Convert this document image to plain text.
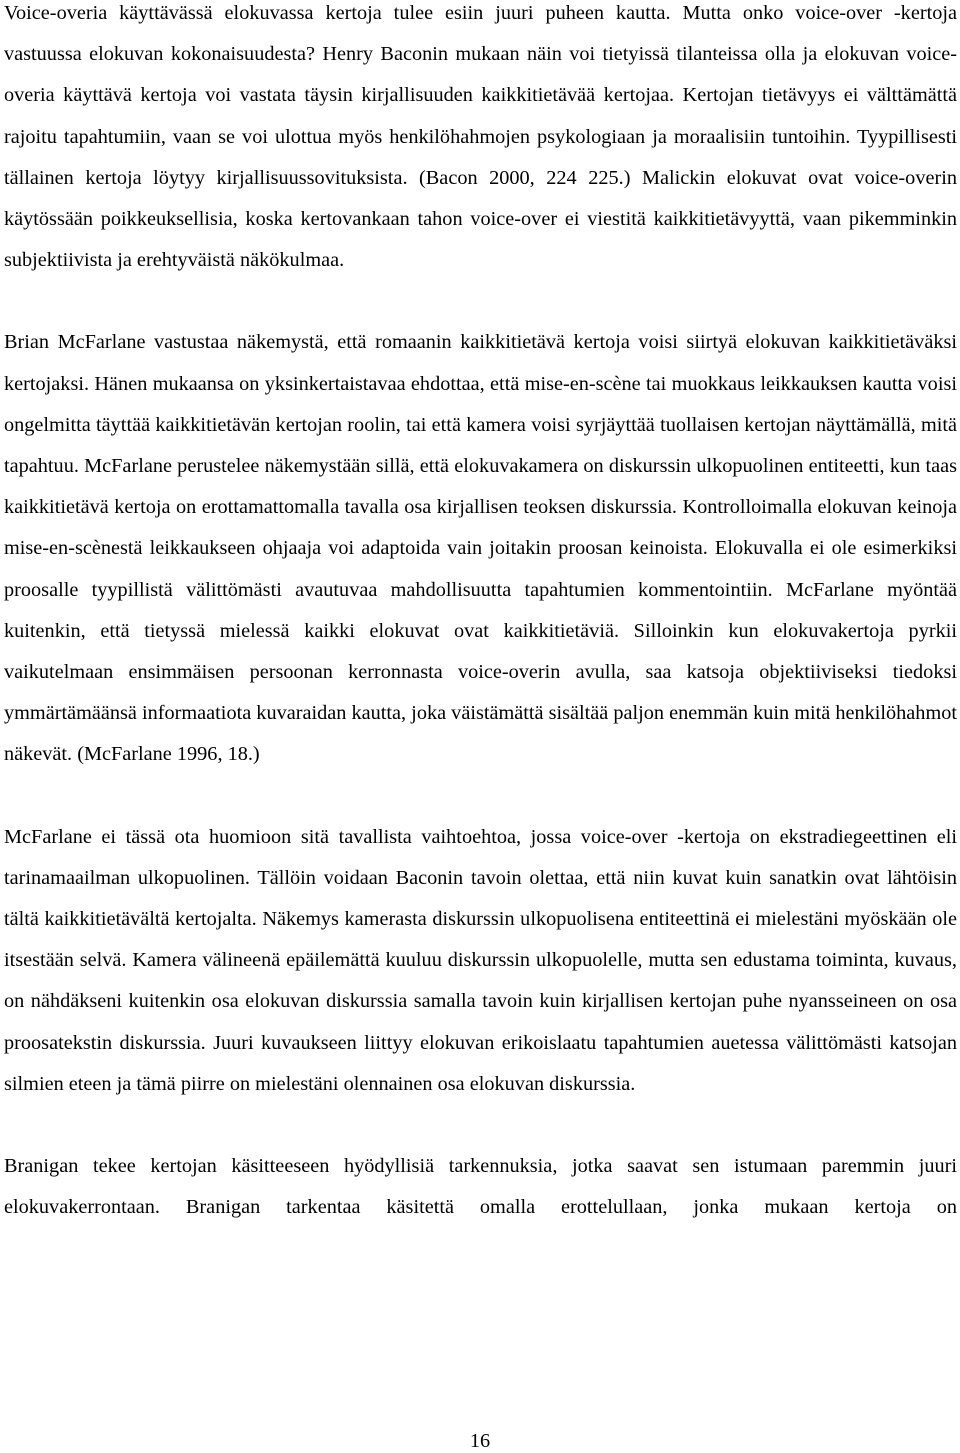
Voice-overia käyttävässä elokuvassa kertoja tulee esiin juuri puheen kautta. Mutta onko voice-over -kertoja vastuussa elokuvan kokonaisuudesta? Henry Baconin mukaan näin voi tietyissä tilanteissa olla ja elokuvan voice-overia käyttävä kertoja voi vastata täysin kirjallisuuden kaikkitietävää kertojaa. Kertojan tietävyys ei välttämättä rajoitu tapahtumiin, vaan se voi ulottua myös henkilöhahmojen psykologiaan ja moraalisiin tuntoihin. Tyypillisesti tällainen kertoja löytyy kirjallisuussovituksista. (Bacon 2000, 224 225.) Malickin elokuvat ovat voice-overin käytössään poikkeuksellisia, koska kertovankaan tahon voice-over ei viestitä kaikkitietävyyttä, vaan pikemminkin subjektiivista ja erehtyväistä näkökulmaa.

Brian McFarlane vastustaa näkemystä, että romaanin kaikkitietävä kertoja voisi siirtyä elokuvan kaikkitietäväksi kertojaksi. Hänen mukaansa on yksinkertaistavaa ehdottaa, että mise-en-scène tai muokkaus leikkauksen kautta voisi ongelmitta täyttää kaikkitietävän kertojan roolin, tai että kamera voisi syrjäyttää tuollaisen kertojan näyttämällä, mitä tapahtuu. McFarlane perustelee näkemystään sillä, että elokuvakamera on diskurssin ulkopuolinen entiteetti, kun taas kaikkitietävä kertoja on erottamattomalla tavalla osa kirjallisen teoksen diskurssia. Kontrolloimalla elokuvan keinoja mise-en-scènestä leikkaukseen ohjaaja voi adaptoida vain joitakin proosan keinoista. Elokuvalla ei ole esimerkiksi proosalle tyypillistä välittömästi avautuvaa mahdollisuutta tapahtumien kommentointiin. McFarlane myöntää kuitenkin, että tietyssä mielessä kaikki elokuvat ovat kaikkitietäviä. Silloinkin kun elokuvakertoja pyrkii vaikutelmaan ensimmäisen persoonan kerronnasta voice-overin avulla, saa katsoja objektiiviseksi tiedoksi ymmärtämäänsä informaatiota kuvaraidan kautta, joka väistämättä sisältää paljon enemmän kuin mitä henkilöhahmot näkevät. (McFarlane 1996, 18.)

McFarlane ei tässä ota huomioon sitä tavallista vaihtoehtoa, jossa voice-over -kertoja on ekstradiegeettinen eli tarinamaailman ulkopuolinen. Tällöin voidaan Baconin tavoin olettaa, että niin kuvat kuin sanatkin ovat lähtöisin tältä kaikkitietävältä kertojalta. Näkemys kamerasta diskurssin ulkopuolisena entiteettinä ei mielestäni myöskään ole itsestään selvä. Kamera välineenä epäilemättä kuuluu diskurssin ulkopuolelle, mutta sen edustama toiminta, kuvaus, on nähdäkseni kuitenkin osa elokuvan diskurssia samalla tavoin kuin kirjallisen kertojan puhe nyansseineen on osa proosatekstin diskurssia. Juuri kuvaukseen liittyy elokuvan erikoislaatu tapahtumien auetessa välittömästi katsojan silmien eteen ja tämä piirre on mielestäni olennainen osa elokuvan diskurssia.

Branigan tekee kertojan käsitteeseen hyödyllisiä tarkennuksia, jotka saavat sen istumaan paremmin juuri elokuvakerrontaan. Branigan tarkentaa käsitettä omalla erottelullaan, jonka mukaan kertoja on

16
